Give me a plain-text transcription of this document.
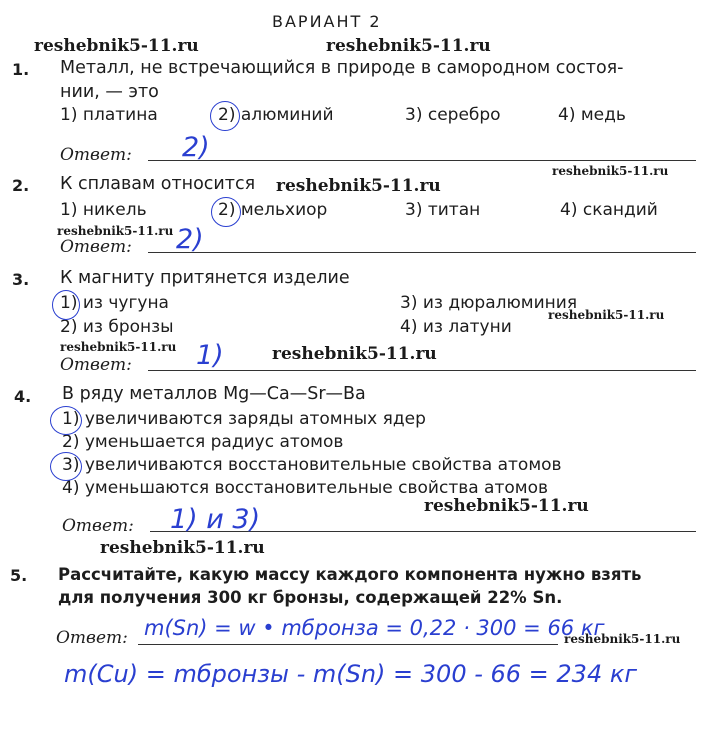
ВАРИАНТ 2
reshebnik5-11.ru	reshebnik5-11.ru
reshebnik5-11.ru
reshebnik5-11.ru
reshebnik5-11.ru
reshebnik5-11.ru
reshebnik5-11.ru	reshebnik5-11.ru
reshebnik5-11.ru
reshebnik5-11.ru
reshebnik5-11.ru
1. Металл, не встречающийся в природе в самородном состоя-
нии, — это
1) платина	2) алюминий	3) серебро	4) медь
Ответ: 2)
2. К сплавам относится
1) никель	2) мельхиор	3) титан	4) скандий
Ответ: 2)
3. К магниту притянется изделие
1) из чугуна	3) из дюралюминия
2) из бронзы	4) из латуни
Ответ: 1)
4. В ряду металлов Mg—Ca—Sr—Ba
1) увеличиваются заряды атомных ядер
2) уменьшается радиус атомов
3) увеличиваются восстановительные свойства атомов
4) уменьшаются восстановительные свойства атомов
Ответ: 1) и 3)
5. Рассчитайте, какую массу каждого компонента нужно взять
для получения 300 кг бронзы, содержащей 22% Sn.
Ответ: m(Sn) = w • mбронза = 0,22 · 300 = 66 кг
m(Cu) = mбронзы - m(Sn) = 300 - 66 = 234 кг
